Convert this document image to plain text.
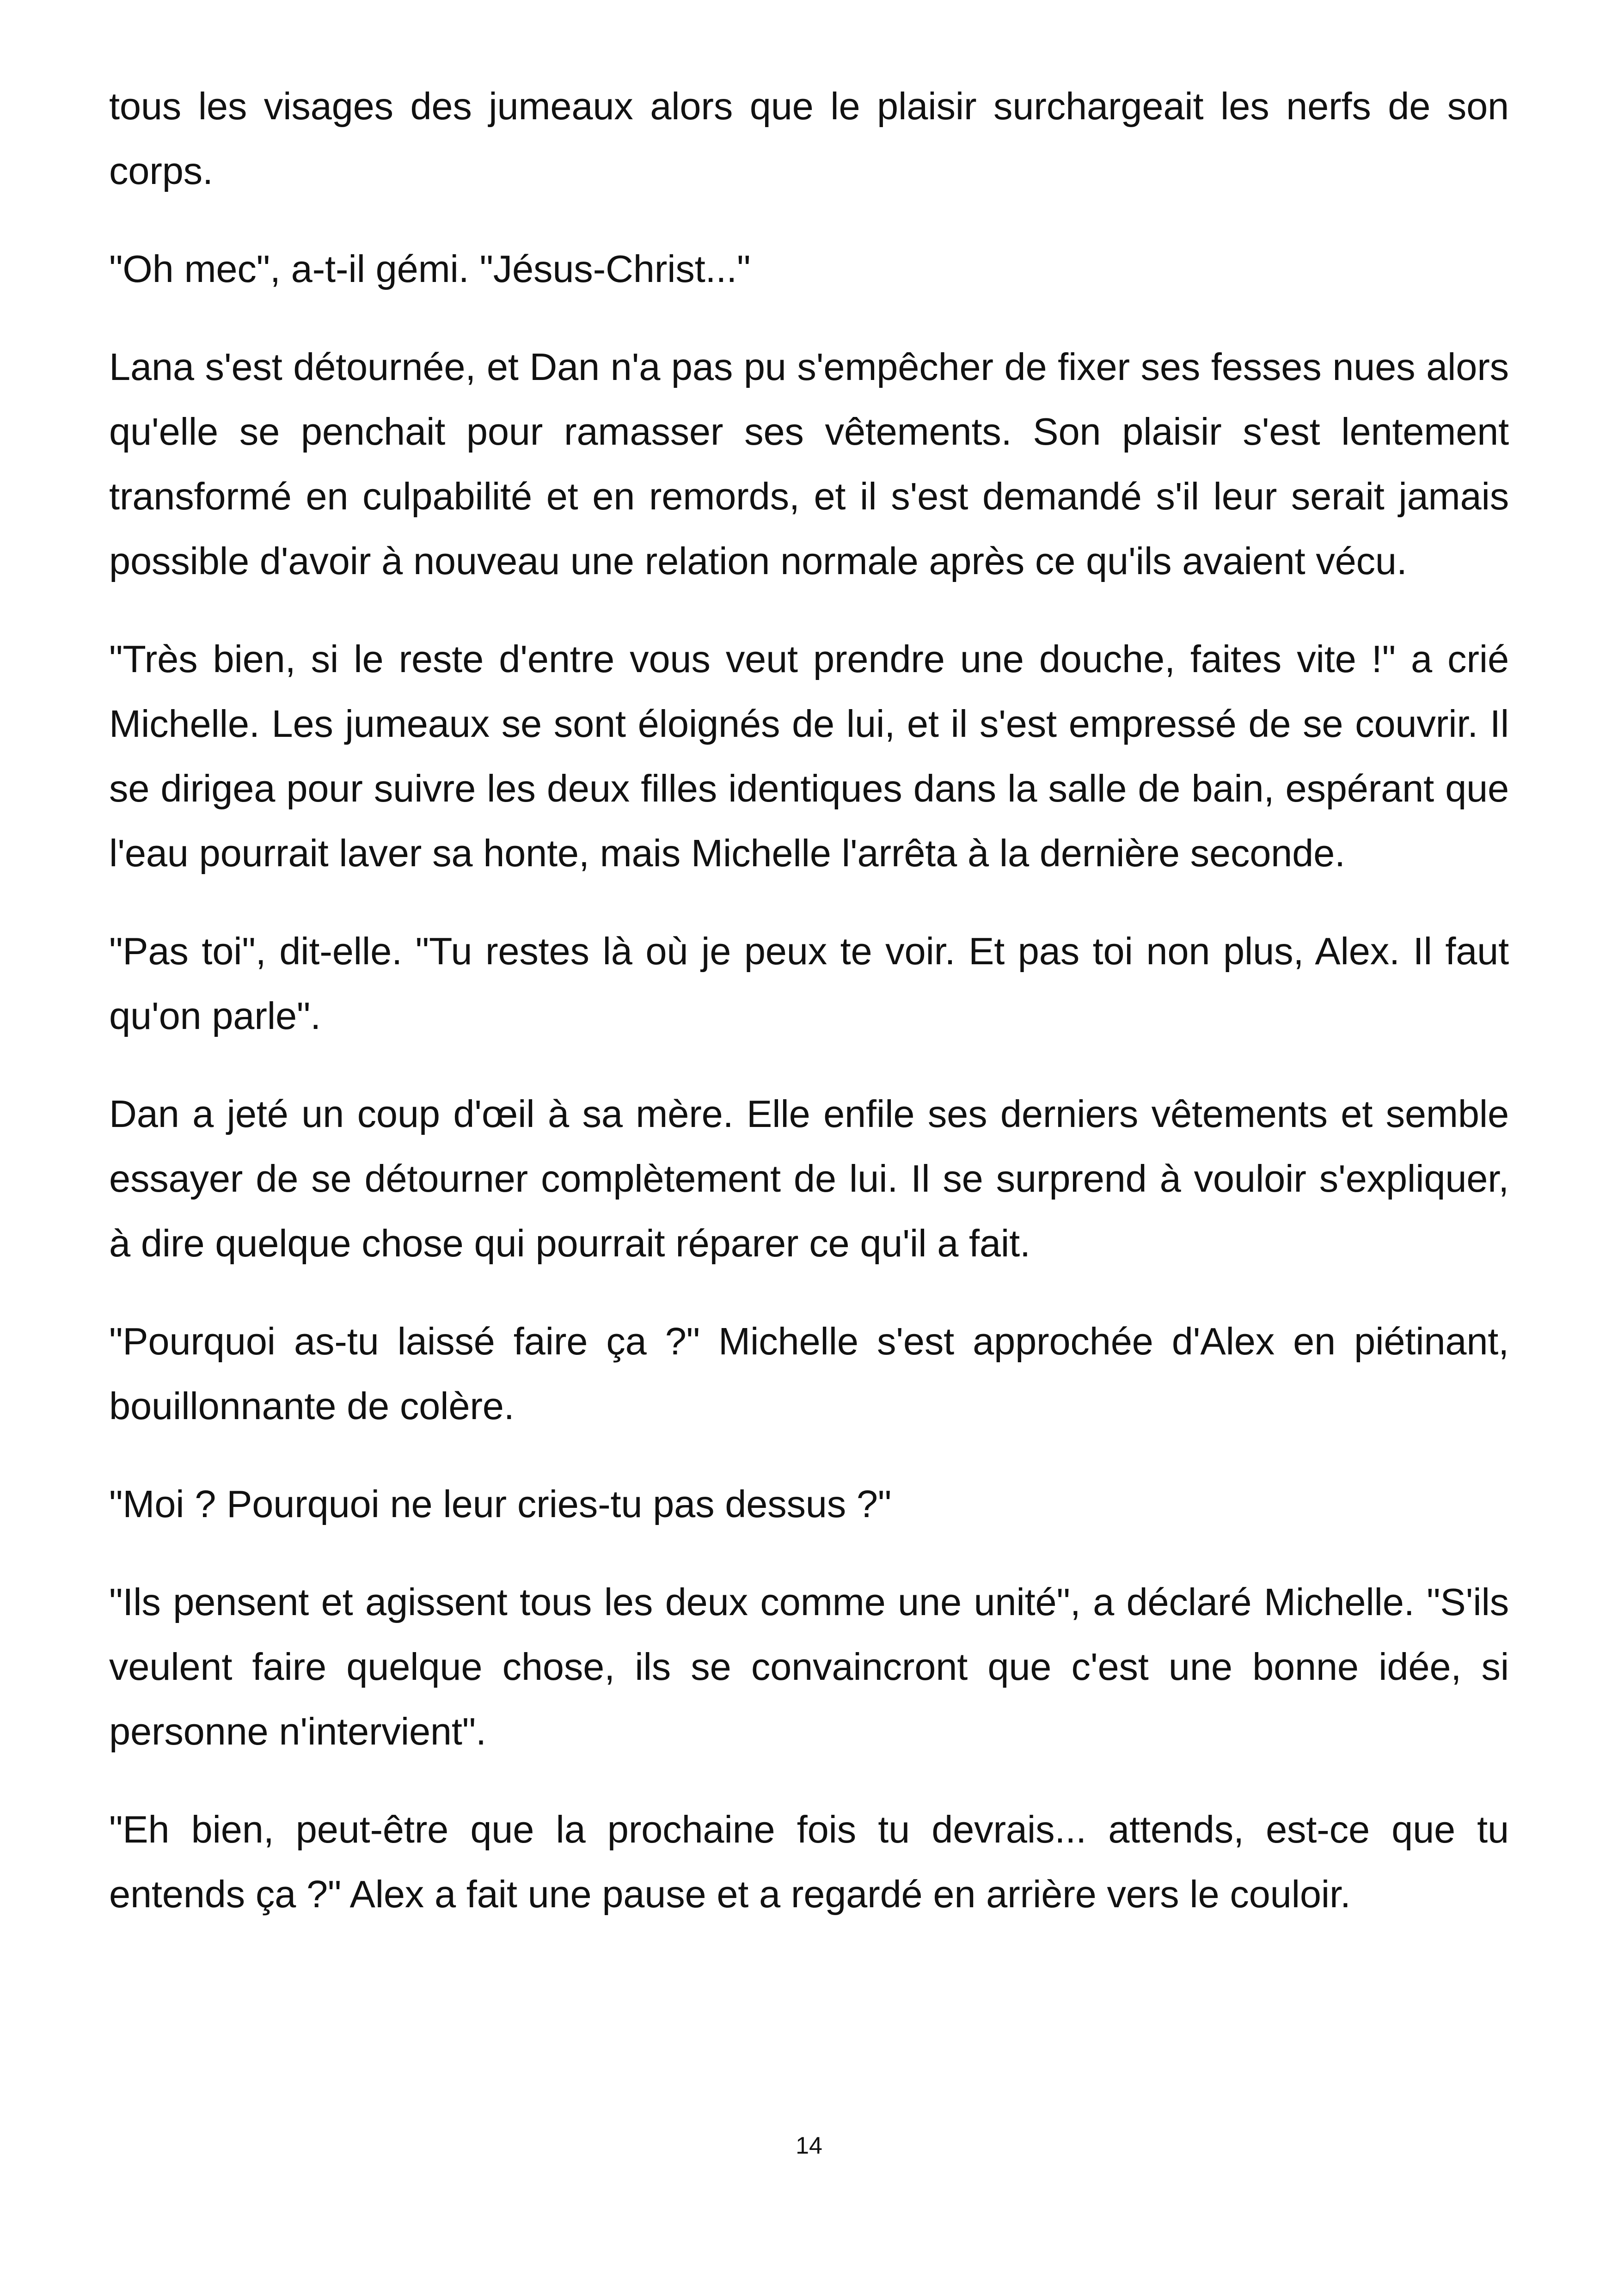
tous les visages des jumeaux alors que le plaisir surchargeait les nerfs de son corps.

"Oh mec", a-t-il gémi. "Jésus-Christ..."

Lana s'est détournée, et Dan n'a pas pu s'empêcher de fixer ses fesses nues alors qu'elle se penchait pour ramasser ses vêtements. Son plaisir s'est lentement transformé en culpabilité et en remords, et il s'est demandé s'il leur serait jamais possible d'avoir à nouveau une relation normale après ce qu'ils avaient vécu.

"Très bien, si le reste d'entre vous veut prendre une douche, faites vite !" a crié Michelle. Les jumeaux se sont éloignés de lui, et il s'est empressé de se couvrir. Il se dirigea pour suivre les deux filles identiques dans la salle de bain, espérant que l'eau pourrait laver sa honte, mais Michelle l'arrêta à la dernière seconde.

"Pas toi", dit-elle. "Tu restes là où je peux te voir. Et pas toi non plus, Alex. Il faut qu'on parle".

Dan a jeté un coup d'œil à sa mère. Elle enfile ses derniers vêtements et semble essayer de se détourner complètement de lui. Il se surprend à vouloir s'expliquer, à dire quelque chose qui pourrait réparer ce qu'il a fait.

"Pourquoi as-tu laissé faire ça ?" Michelle s'est approchée d'Alex en piétinant, bouillonnante de colère.

"Moi ? Pourquoi ne leur cries-tu pas dessus ?"

"Ils pensent et agissent tous les deux comme une unité", a déclaré Michelle. "S'ils veulent faire quelque chose, ils se convaincront que c'est une bonne idée, si personne n'intervient".

"Eh bien, peut-être que la prochaine fois tu devrais... attends, est-ce que tu entends ça ?" Alex a fait une pause et a regardé en arrière vers le couloir.

14
